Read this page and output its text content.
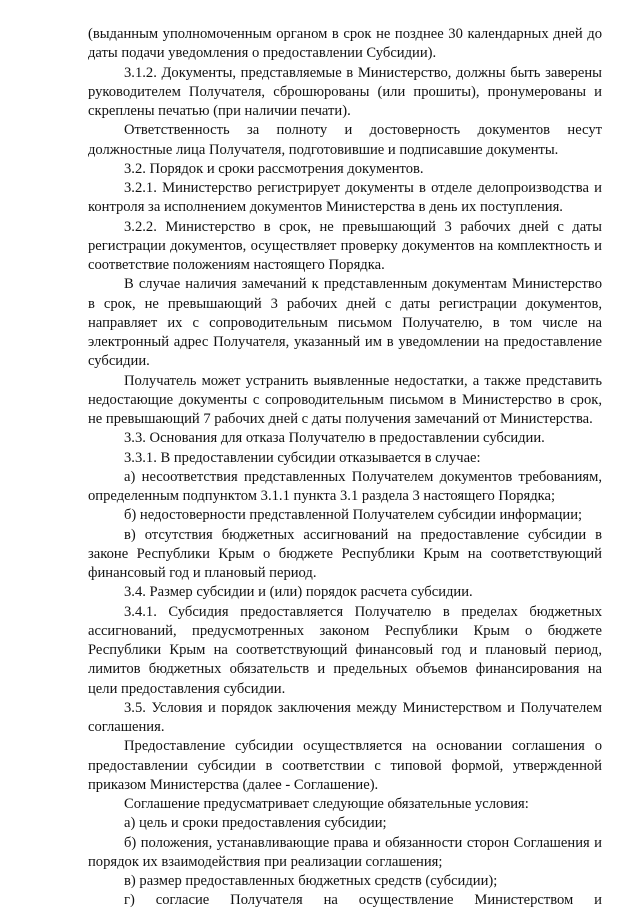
(выданным уполномоченным органом в срок не позднее 30 календарных дней до даты подачи уведомления о предоставлении Субсидии).

3.1.2. Документы, представляемые в Министерство, должны быть заверены руководителем Получателя, сброшюрованы (или прошиты), пронумерованы и скреплены печатью (при наличии печати).

Ответственность за полноту и достоверность документов несут должностные лица Получателя, подготовившие и подписавшие документы.

3.2. Порядок и сроки рассмотрения документов.

3.2.1. Министерство регистрирует документы в отделе делопроизводства и контроля за исполнением документов Министерства в день их поступления.

3.2.2. Министерство в срок, не превышающий 3 рабочих дней с даты регистрации документов, осуществляет проверку документов на комплектность и соответствие положениям настоящего Порядка.

В случае наличия замечаний к представленным документам Министерство в срок, не превышающий 3 рабочих дней с даты регистрации документов, направляет их с сопроводительным письмом Получателю, в том числе на электронный адрес Получателя, указанный им в уведомлении на предоставление субсидии.

Получатель может устранить выявленные недостатки, а также представить недостающие документы с сопроводительным письмом в Министерство в срок, не превышающий 7 рабочих дней с даты получения замечаний от Министерства.

3.3. Основания для отказа Получателю в предоставлении субсидии.

3.3.1. В предоставлении субсидии отказывается в случае:

а) несоответствия представленных Получателем документов требованиям, определенным подпунктом 3.1.1 пункта 3.1 раздела 3 настоящего Порядка;

б) недостоверности представленной Получателем субсидии информации;

в) отсутствия бюджетных ассигнований на предоставление субсидии в законе Республики Крым о бюджете Республики Крым на соответствующий финансовый год и плановый период.

3.4. Размер субсидии и (или) порядок расчета субсидии.

3.4.1. Субсидия предоставляется Получателю в пределах бюджетных ассигнований, предусмотренных законом Республики Крым о бюджете Республики Крым на соответствующий финансовый год и плановый период, лимитов бюджетных обязательств и предельных объемов финансирования на цели предоставления субсидии.

3.5. Условия и порядок заключения между Министерством и Получателем соглашения.

Предоставление субсидии осуществляется на основании соглашения о предоставлении субсидии в соответствии с типовой формой, утвержденной приказом Министерства (далее - Соглашение).

Соглашение предусматривает следующие обязательные условия:

а) цель и сроки предоставления субсидии;

б) положения, устанавливающие права и обязанности сторон Соглашения и порядок их взаимодействия при реализации соглашения;

в) размер предоставленных бюджетных средств (субсидии);

г) согласие Получателя на осуществление Министерством и
